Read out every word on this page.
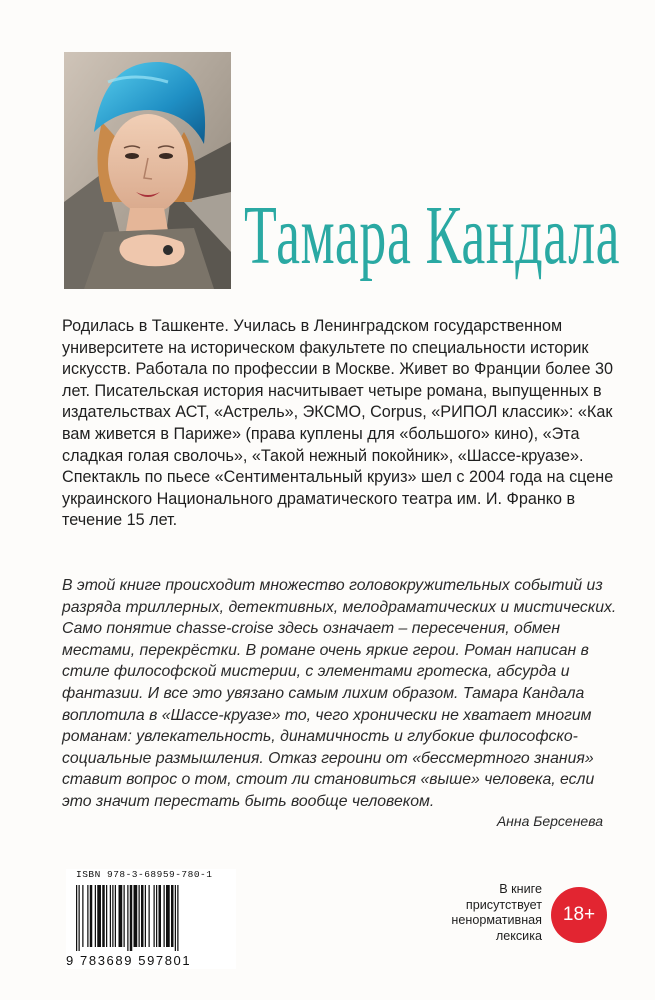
Тамара Кандала

Родилась в Ташкенте. Училась в Ленинградском государственном университете на историческом факультете по специальности историк искусств. Работала по профессии в Москве. Живет во Франции более 30 лет. Писательская история насчитывает четыре романа, выпущенных в издательствах АСТ, «Астрель», ЭКСМО, Corpus, «РИПОЛ классик»: «Как вам живется в Париже» (права куплены для «большого» кино), «Эта сладкая голая сволочь», «Такой нежный покойник», «Шассе-круазе». Спектакль по пьесе «Сентиментальный круиз» шел с 2004 года на сцене украинского Национального драматического театра им. И. Франко в течение 15 лет.

В этой книге происходит множество головокружительных событий из разряда триллерных, детективных, мелодраматических и мистических. Само понятие chasse-croise здесь означает – пересечения, обмен местами, перекрёстки. В романе очень яркие герои. Роман написан в стиле философской мистерии, с элементами гротеска, абсурда и фантазии. И все это увязано самым лихим образом. Тамара Кандала воплотила в «Шассе-круазе» то, чего хронически не хватает многим романам: увлекательность, динамичность и глубокие философско-социальные размышления. Отказ героини от «бессмертного знания» ставит вопрос о том, стоит ли становиться «выше» человека, если это значит перестать быть вообще человеком.

Анна Берсенева
ISBN 978-3-68959-780-1
9 783689 597801
В книге
присутствует
ненормативная
лексика
18+
